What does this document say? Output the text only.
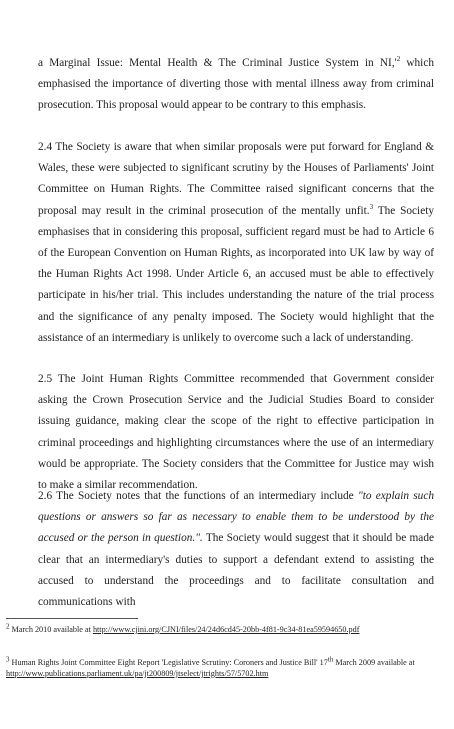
a Marginal Issue: Mental Health & The Criminal Justice System in $NI,'^2$ which emphasised the importance of diverting those with mental illness away from criminal prosecution. This proposal would appear to be contrary to this emphasis.

2.4 The Society is aware that when similar proposals were put forward for England & Wales, these were subjected to significant scrutiny by the Houses of Parliaments' Joint Committee on Human Rights. The Committee raised significant concerns that the proposal may result in the criminal prosecution of the mentally unfit.$^3$ The Society emphasises that in considering this proposal, sufficient regard must be had to Article 6 of the European Convention on Human Rights, as incorporated into UK law by way of the Human Rights Act 1998. Under Article 6, an accused must be able to effectively participate in his/her trial. This includes understanding the nature of the trial process and the significance of any penalty imposed. The Society would highlight that the assistance of an intermediary is unlikely to overcome such a lack of understanding.

2.5 The Joint Human Rights Committee recommended that Government consider asking the Crown Prosecution Service and the Judicial Studies Board to consider issuing guidance, making clear the scope of the right to effective participation in criminal proceedings and highlighting circumstances where the use of an intermediary would be appropriate. The Society considers that the Committee for Justice may wish to make a similar recommendation.

2.6 The Society notes that the functions of an intermediary include "to explain such questions or answers so far as necessary to enable them to be understood by the accused or the person in question.". The Society would suggest that it should be made clear that an intermediary's duties to support a defendant extend to assisting the accused to understand the proceedings and to facilitate consultation and communications with

$^2$ March 2010 available at http://www.cjini.org/CJNI/files/24/24d6cd45-20bb-4f81-9c34-81ea59594650.pdf
$^3$ Human Rights Joint Committee Eight Report 'Legislative Scrutiny: Coroners and Justice Bill' 17th March 2009 available at http://www.publications.parliament.uk/pa/jt200809/jtselect/jtrights/57/5702.htm
